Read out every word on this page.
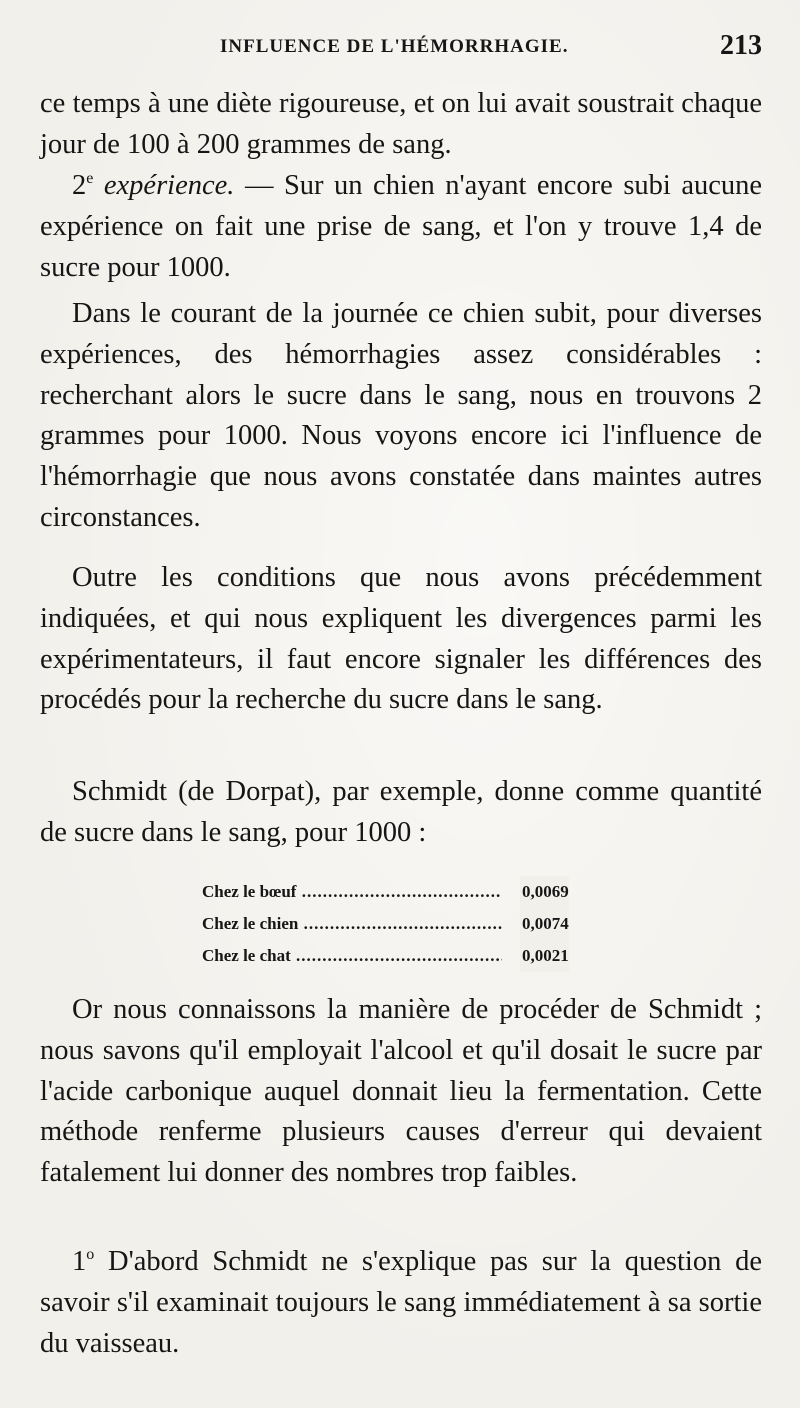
INFLUENCE DE L'HÉMORRHAGIE.	213

ce temps à une diète rigoureuse, et on lui avait soustrait chaque jour de 100 à 200 grammes de sang.

2e expérience. — Sur un chien n'ayant encore subi aucune expérience on fait une prise de sang, et l'on y trouve 1,4 de sucre pour 1000.

Dans le courant de la journée ce chien subit, pour diverses expériences, des hémorrhagies assez considérables : recherchant alors le sucre dans le sang, nous en trouvons 2 grammes pour 1000. Nous voyons encore ici l'influence de l'hémorrhagie que nous avons constatée dans maintes autres circonstances.

Outre les conditions que nous avons précédemment indiquées, et qui nous expliquent les divergences parmi les expérimentateurs, il faut encore signaler les différences des procédés pour la recherche du sucre dans le sang.

Schmidt (de Dorpat), par exemple, donne comme quantité de sucre dans le sang, pour 1000 :

Chez le bœuf .....	0,0069
Chez le chien .....	0,0074
Chez le chat .....	0,0021

Or nous connaissons la manière de procéder de Schmidt ; nous savons qu'il employait l'alcool et qu'il dosait le sucre par l'acide carbonique auquel donnait lieu la fermentation. Cette méthode renferme plusieurs causes d'erreur qui devaient fatalement lui donner des nombres trop faibles.

1$^o$ D'abord Schmidt ne s'explique pas sur la question de savoir s'il examinait toujours le sang immédiatement à sa sortie du vaisseau.
